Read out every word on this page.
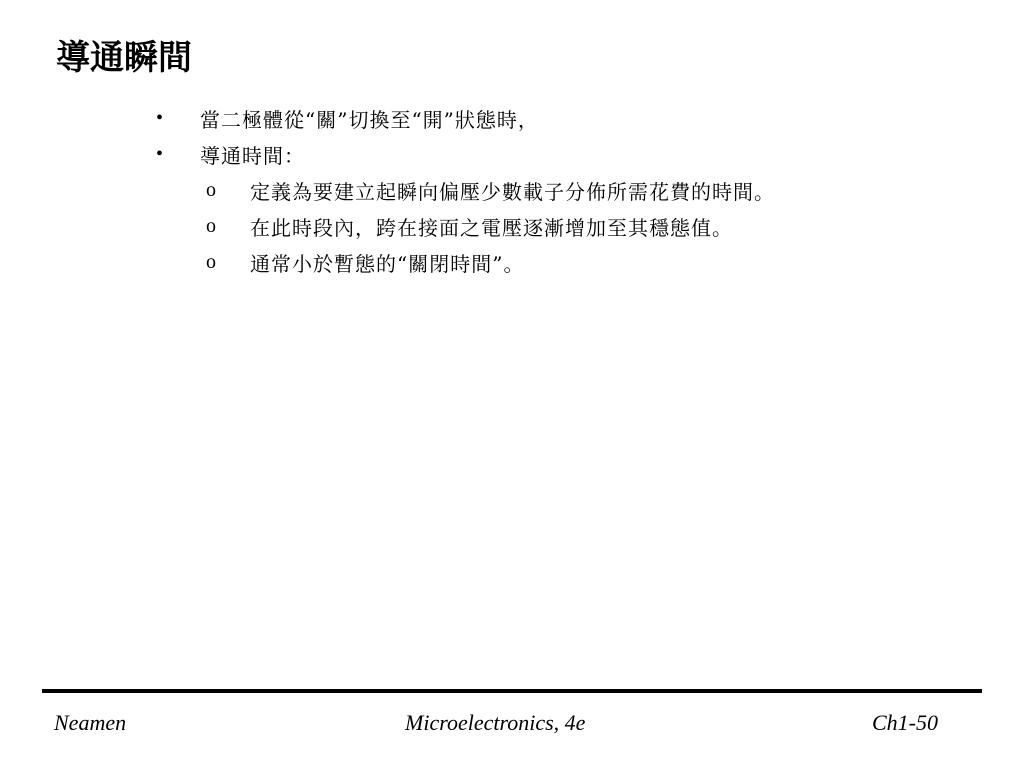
導通瞬間
•	當二極體從“關”切換至“開”狀態時，
•	導通時間：
o	定義為要建立起瞬向偏壓少數載子分佈所需花費的時間。
o	在此時段內，跨在接面之電壓逐漸增加至其穩態值。
o	通常小於暫態的“關閉時間”。
Neamen	Microelectronics, 4e	Ch1-50
